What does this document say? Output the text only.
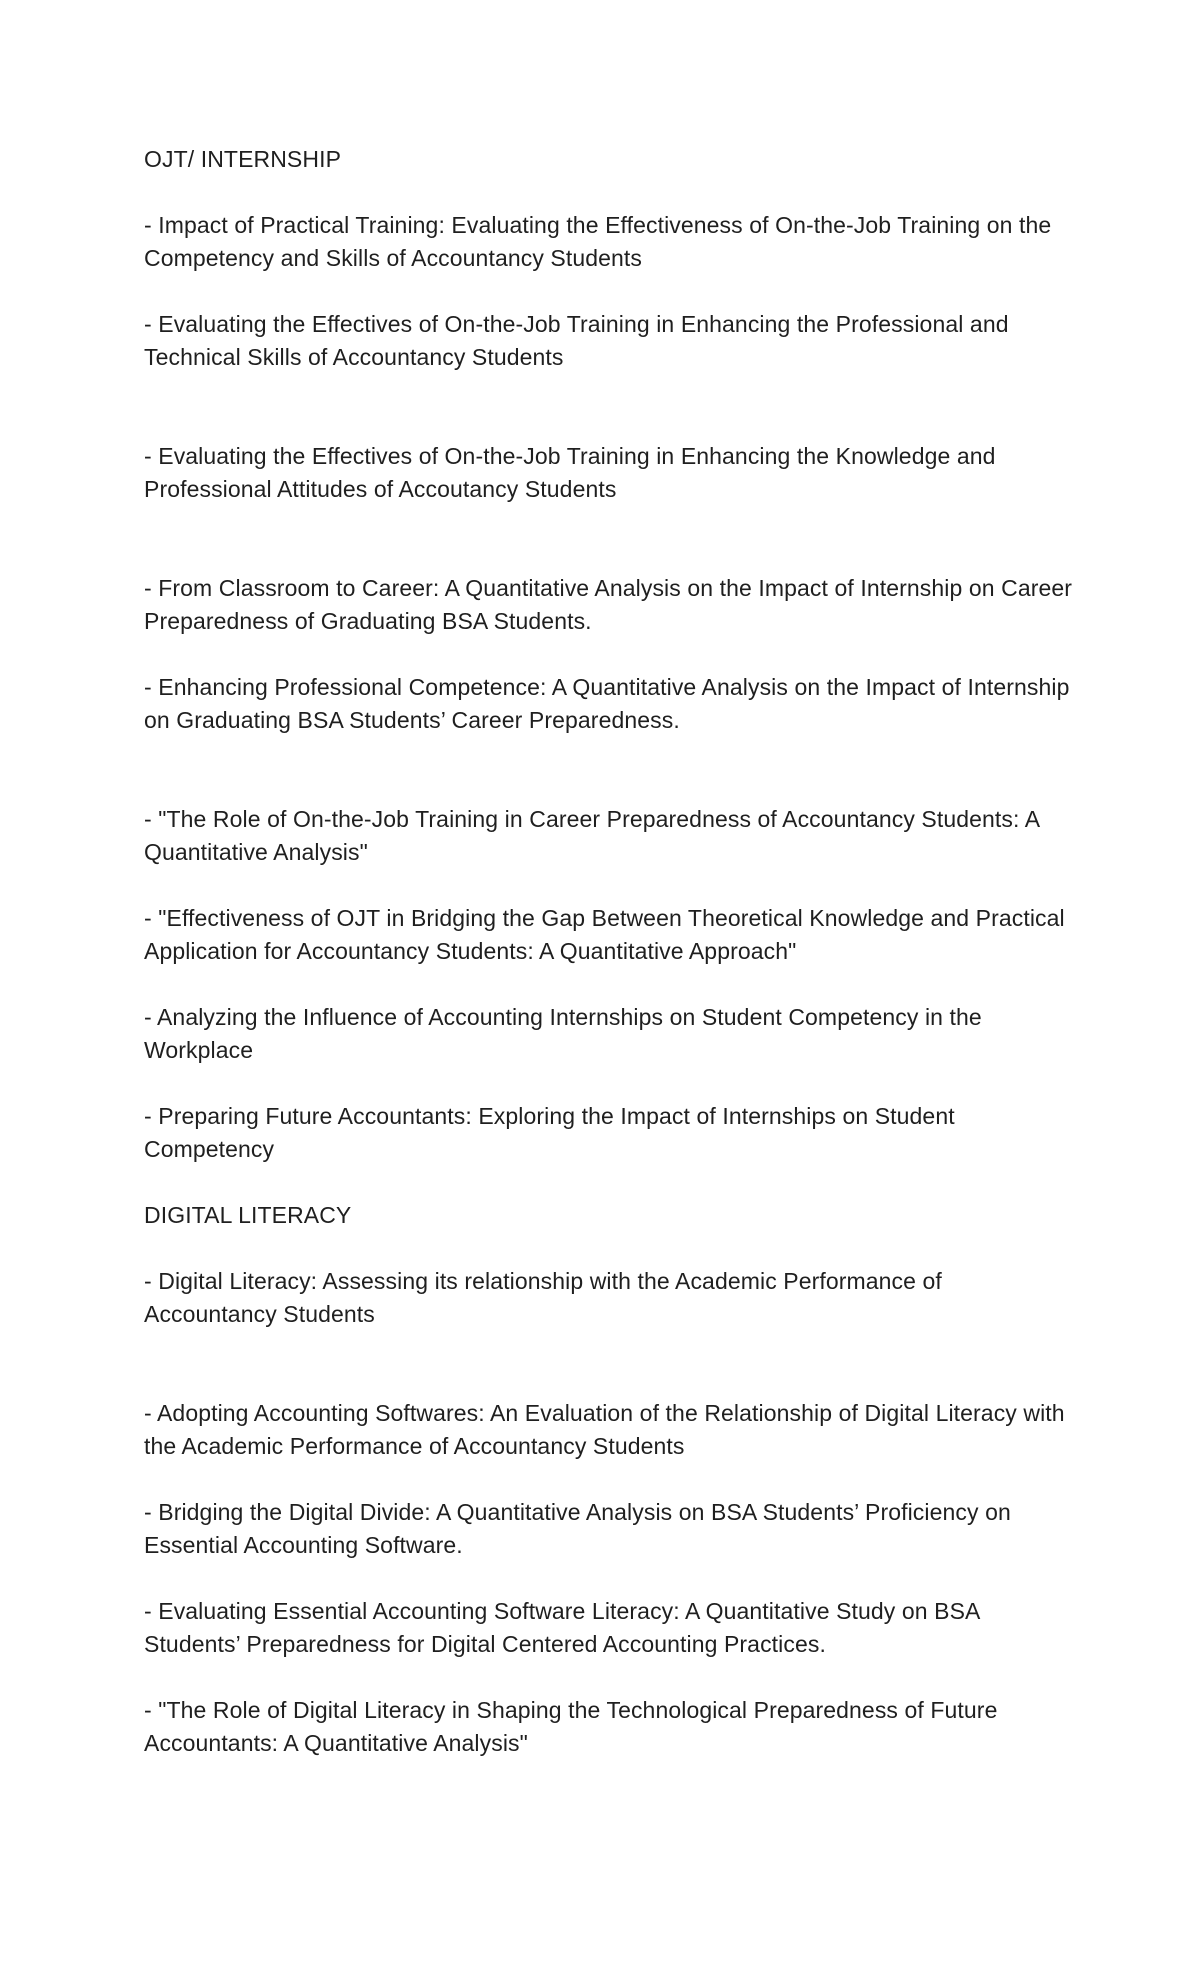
OJT/ INTERNSHIP

- Impact of Practical Training: Evaluating the Effectiveness of On-the-Job Training on the Competency and Skills of Accountancy Students

- Evaluating the Effectives of On-the-Job Training in Enhancing the Professional and Technical Skills of Accountancy Students

- Evaluating the Effectives of On-the-Job Training in Enhancing the Knowledge and Professional Attitudes of Accoutancy Students

- From Classroom to Career: A Quantitative Analysis on the Impact of Internship on Career Preparedness of Graduating BSA Students.

- Enhancing Professional Competence: A Quantitative Analysis on the Impact of Internship on Graduating BSA Students’ Career Preparedness.

- "The Role of On-the-Job Training in Career Preparedness of Accountancy Students: A Quantitative Analysis"

- "Effectiveness of OJT in Bridging the Gap Between Theoretical Knowledge and Practical Application for Accountancy Students: A Quantitative Approach"

- Analyzing the Influence of Accounting Internships on Student Competency in the Workplace

- Preparing Future Accountants: Exploring the Impact of Internships on Student Competency

DIGITAL LITERACY

- Digital Literacy: Assessing its relationship with the Academic Performance of Accountancy Students

- Adopting Accounting Softwares: An Evaluation of the Relationship of Digital Literacy with the Academic Performance of Accountancy Students

- Bridging the Digital Divide: A Quantitative Analysis on BSA Students’ Proficiency on Essential Accounting Software.

- Evaluating Essential Accounting Software Literacy: A Quantitative Study on BSA Students’ Preparedness for Digital Centered Accounting Practices.

- "The Role of Digital Literacy in Shaping the Technological Preparedness of Future Accountants: A Quantitative Analysis"
